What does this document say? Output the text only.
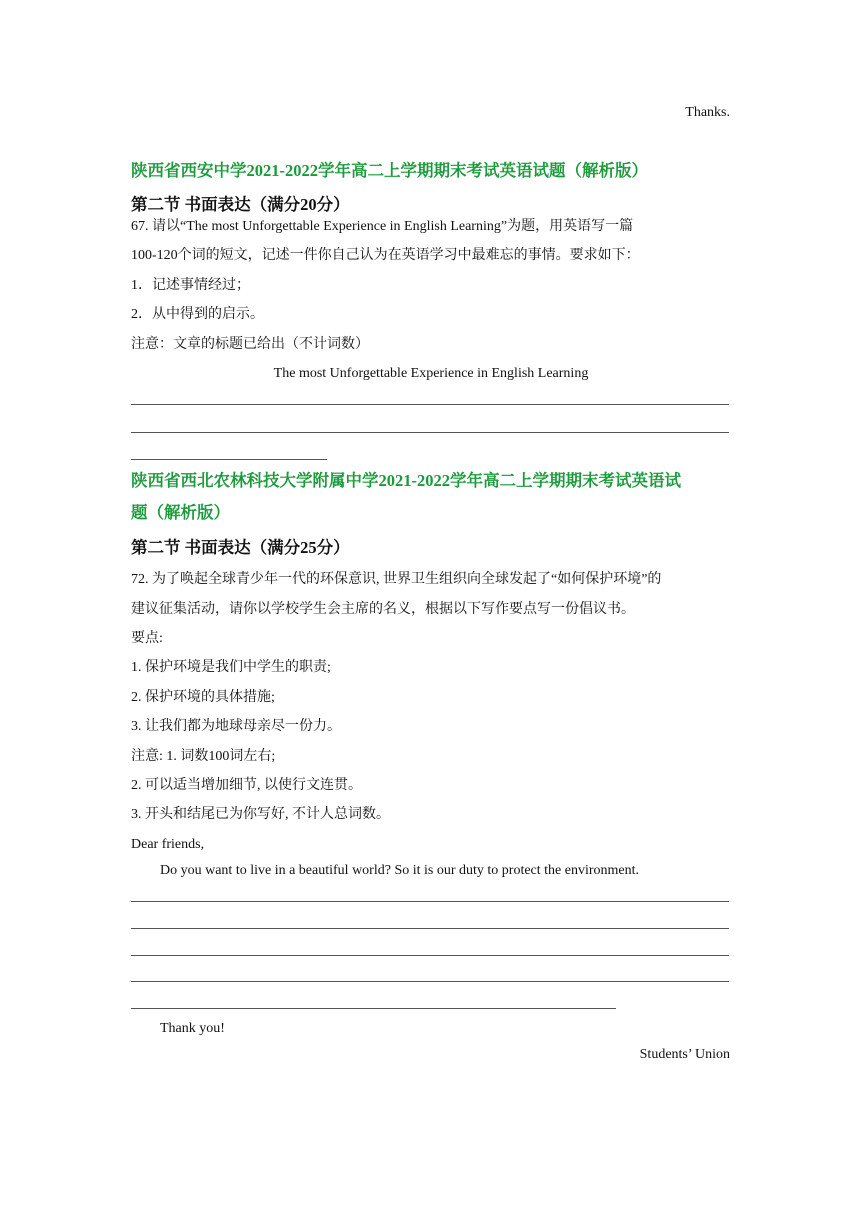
Thanks.
陕西省西安中学2021-2022学年高二上学期期末考试英语试题（解析版）
第二节 书面表达（满分20分）
67. 请以“The most Unforgettable Experience in English Learning”为题，用英语写一篇
100-120个词的短文，记述一件你自己认为在英语学习中最难忘的事情。要求如下：
1．记述事情经过；
2．从中得到的启示。
注意：文章的标题已给出（不计词数）
The most Unforgettable Experience in English Learning
陕西省西北农林科技大学附属中学2021-2022学年高二上学期期末考试英语试
题（解析版）
第二节 书面表达（满分25分）
72. 为了唤起全球青少年一代的环保意识, 世界卫生组织向全球发起了“如何保护环境”的
建议征集活动，请你以学校学生会主席的名义，根据以下写作要点写一份倡议书。
要点:
1. 保护环境是我们中学生的职责;
2. 保护环境的具体措施;
3. 让我们都为地球母亲尽一份力。
注意: 1. 词数100词左右;
2. 可以适当增加细节, 以使行文连贯。
3. 开头和结尾已为你写好, 不计人总词数。
Dear friends,
Do you want to live in a beautiful world? So it is our duty to protect the environment.
Thank you!
Students’ Union
